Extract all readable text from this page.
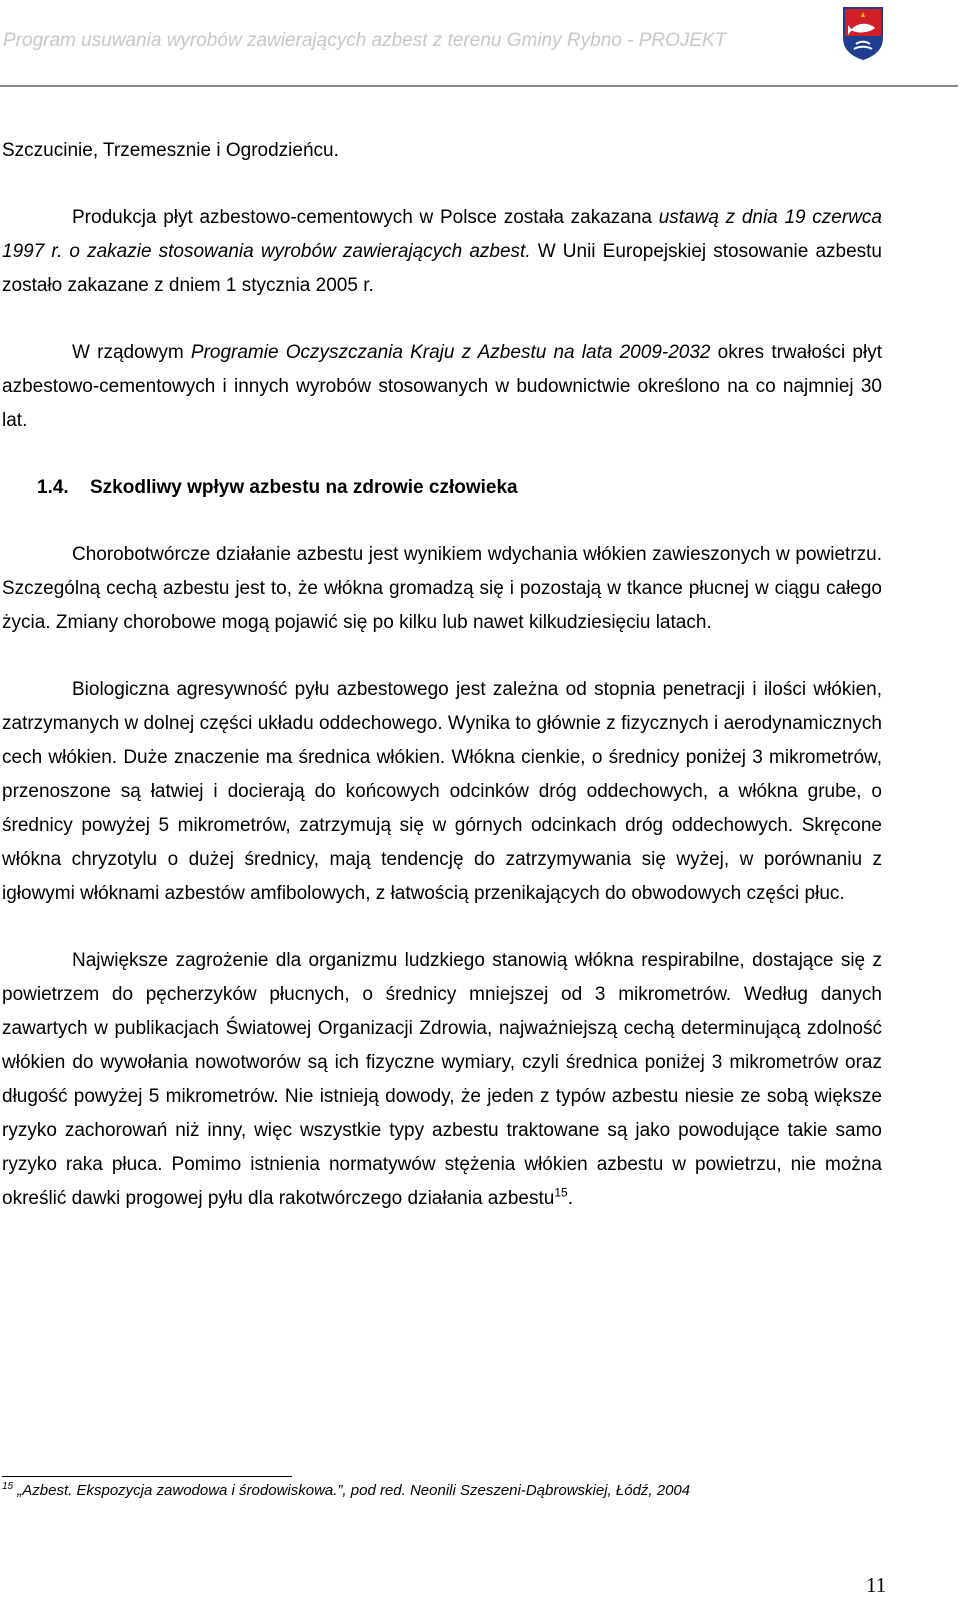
Program usuwania wyrobów zawierających azbest z terenu Gminy Rybno - PROJEKT

Szczucinie, Trzemesznie i Ogrodzieńcu.

Produkcja płyt azbestowo-cementowych w Polsce została zakazana ustawą z dnia 19 czerwca 1997 r. o zakazie stosowania wyrobów zawierających azbest. W Unii Europejskiej stosowanie azbestu zostało zakazane z dniem 1 stycznia 2005 r.

W rządowym Programie Oczyszczania Kraju z Azbestu na lata 2009-2032 okres trwałości płyt azbestowo-cementowych i innych wyrobów stosowanych w budownictwie określono na co najmniej 30 lat.

1.4. Szkodliwy wpływ azbestu na zdrowie człowieka

Chorobotwórcze działanie azbestu jest wynikiem wdychania włókien zawieszonych w powietrzu. Szczególną cechą azbestu jest to, że włókna gromadzą się i pozostają w tkance płucnej w ciągu całego życia. Zmiany chorobowe mogą pojawić się po kilku lub nawet kilkudziesięciu latach.

Biologiczna agresywność pyłu azbestowego jest zależna od stopnia penetracji i ilości włókien, zatrzymanych w dolnej części układu oddechowego. Wynika to głównie z fizycznych i aerodynamicznych cech włókien. Duże znaczenie ma średnica włókien. Włókna cienkie, o średnicy poniżej 3 mikrometrów, przenoszone są łatwiej i docierają do końcowych odcinków dróg oddechowych, a włókna grube, o średnicy powyżej 5 mikrometrów, zatrzymują się w górnych odcinkach dróg oddechowych. Skręcone włókna chryzotylu o dużej średnicy, mają tendencję do zatrzymywania się wyżej, w porównaniu z igłowymi włóknami azbestów amfibolowych, z łatwością przenikających do obwodowych części płuc.

Największe zagrożenie dla organizmu ludzkiego stanowią włókna respirabilne, dostające się z powietrzem do pęcherzyków płucnych, o średnicy mniejszej od 3 mikrometrów. Według danych zawartych w publikacjach Światowej Organizacji Zdrowia, najważniejszą cechą determinującą zdolność włókien do wywołania nowotworów są ich fizyczne wymiary, czyli średnica poniżej 3 mikrometrów oraz długość powyżej 5 mikrometrów. Nie istnieją dowody, że jeden z typów azbestu niesie ze sobą większe ryzyko zachorowań niż inny, więc wszystkie typy azbestu traktowane są jako powodujące takie samo ryzyko raka płuca. Pomimo istnienia normatywów stężenia włókien azbestu w powietrzu, nie można określić dawki progowej pyłu dla rakotwórczego działania azbestu$^{15}$.

$^{15}$ „Azbest. Ekspozycja zawodowa i środowiskowa.”, pod red. Neonili Szeszeni-Dąbrowskiej, Łódź, 2004
11
